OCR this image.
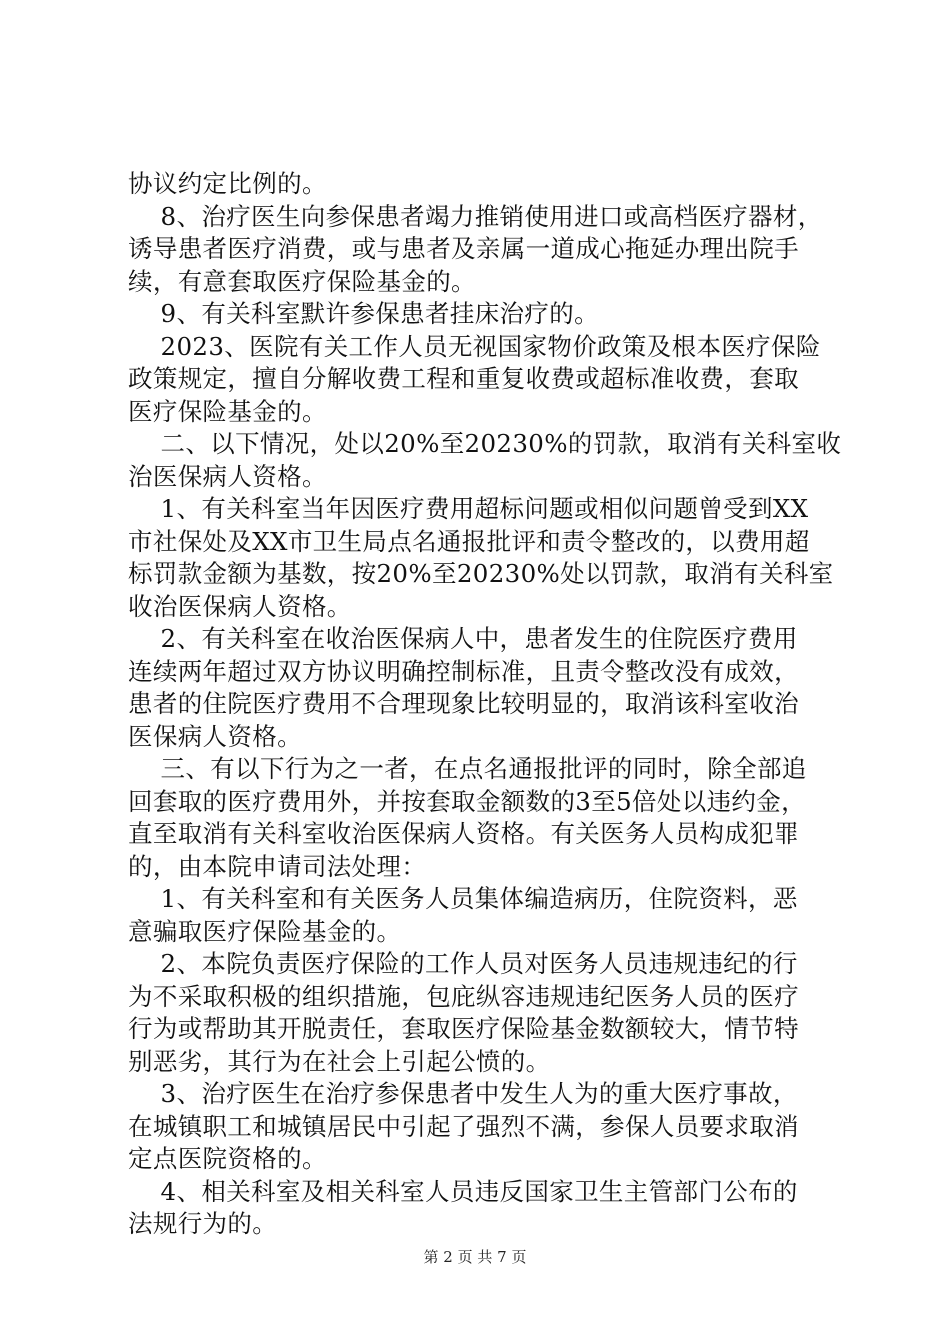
协议约定比例的。
8、治疗医生向参保患者竭力推销使用进口或高档医疗器材，
诱导患者医疗消费，或与患者及亲属一道成心拖延办理出院手
续，有意套取医疗保险基金的。
9、有关科室默许参保患者挂床治疗的。
2023、医院有关工作人员无视国家物价政策及根本医疗保险
政策规定，擅自分解收费工程和重复收费或超标准收费，套取
医疗保险基金的。
二、以下情况，处以20%至20230%的罚款，取消有关科室收
治医保病人资格。
1、有关科室当年因医疗费用超标问题或相似问题曾受到XX
市社保处及XX市卫生局点名通报批评和责令整改的，以费用超
标罚款金额为基数，按20%至20230%处以罚款，取消有关科室
收治医保病人资格。
2、有关科室在收治医保病人中，患者发生的住院医疗费用
连续两年超过双方协议明确控制标准，且责令整改没有成效，
患者的住院医疗费用不合理现象比较明显的，取消该科室收治
医保病人资格。
三、有以下行为之一者，在点名通报批评的同时，除全部追
回套取的医疗费用外，并按套取金额数的3至5倍处以违约金，
直至取消有关科室收治医保病人资格。有关医务人员构成犯罪
的，由本院申请司法处理：
1、有关科室和有关医务人员集体编造病历，住院资料，恶
意骗取医疗保险基金的。
2、本院负责医疗保险的工作人员对医务人员违规违纪的行
为不采取积极的组织措施，包庇纵容违规违纪医务人员的医疗
行为或帮助其开脱责任，套取医疗保险基金数额较大，情节特
别恶劣，其行为在社会上引起公愤的。
3、治疗医生在治疗参保患者中发生人为的重大医疗事故，
在城镇职工和城镇居民中引起了强烈不满，参保人员要求取消
定点医院资格的。
4、相关科室及相关科室人员违反国家卫生主管部门公布的
法规行为的。
第 2 页 共 7 页
